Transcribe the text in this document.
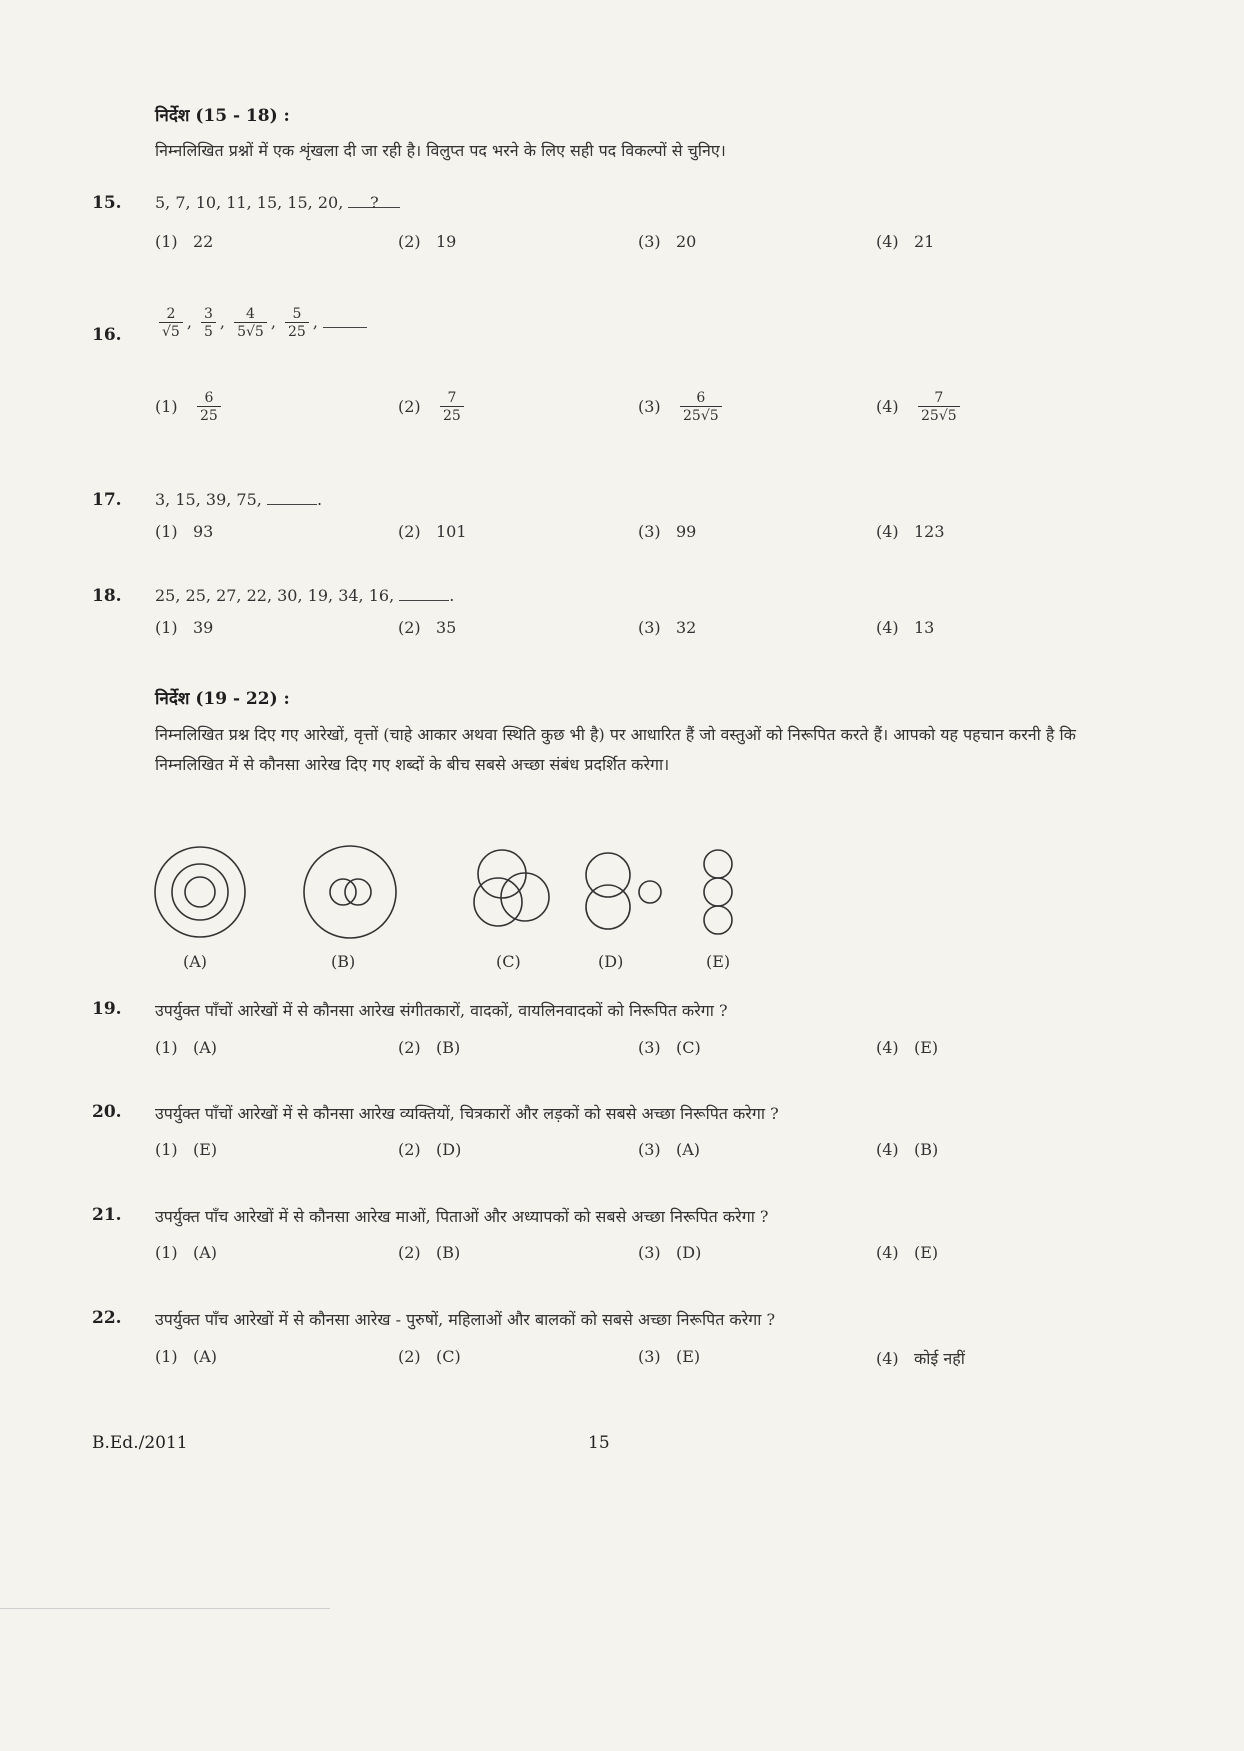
निर्देश (15 - 18) :
निम्नलिखित प्रश्नों में एक शृंखला दी जा रही है। विलुप्त पद भरने के लिए सही पद विकल्पों से चुनिए।
15. 5, 7, 10, 11, 15, 15, 20, ?
(1) 22	(2) 19	(3) 20	(4) 21
16.	$\frac{2}{√5}$ , $\frac{3}{5}$ , $\frac{4}{5√5}$ , $\frac{5}{25}$ ,
$(1) \frac{6}{25}$	$(2) \frac{7}{25}$	$(3) \frac{6}{25√5}$	$(4) \frac{7}{25√5}$
17. 3, 15, 39, 75,	.
(1) 93	(2) 101	(3) 99	(4) 123
18. 25, 25, 27, 22, 30, 19, 34, 16,	.
(1) 39	(2) 35	(3) 32	(4) 13
निर्देश (19 - 22) :
निम्नलिखित प्रश्न दिए गए आरेखों, वृत्तों (चाहे आकार अथवा स्थिति कुछ भी है) पर आधारित हैं जो वस्तुओं को निरूपित करते हैं। आपको यह पहचान करनी है कि निम्नलिखित में से कौनसा आरेख दिए गए शब्दों के बीच सबसे अच्छा संबंध प्रदर्शित करेगा।
(A)	(B)	(C)	(D)	(E)
19. उपर्युक्त पाँचों आरेखों में से कौनसा आरेख संगीतकारों, वादकों, वायलिनवादकों को निरूपित करेगा ?
(1) (A)	(2) (B)	(3) (C)	(4) (E)
20. उपर्युक्त पाँचों आरेखों में से कौनसा आरेख व्यक्तियों, चित्रकारों और लड़कों को सबसे अच्छा निरूपित करेगा ?
(1) (E)	(2) (D)	(3) (A)	(4) (B)
21. उपर्युक्त पाँच आरेखों में से कौनसा आरेख माओं, पिताओं और अध्यापकों को सबसे अच्छा निरूपित करेगा ?
(1) (A)	(2) (B)	(3) (D)	(4) (E)
22. उपर्युक्त पाँच आरेखों में से कौनसा आरेख - पुरुषों, महिलाओं और बालकों को सबसे अच्छा निरूपित करेगा ?
(1) (A)	(2) (C)	(3) (E)	(4) कोई नहीं
B.Ed./2011	15
